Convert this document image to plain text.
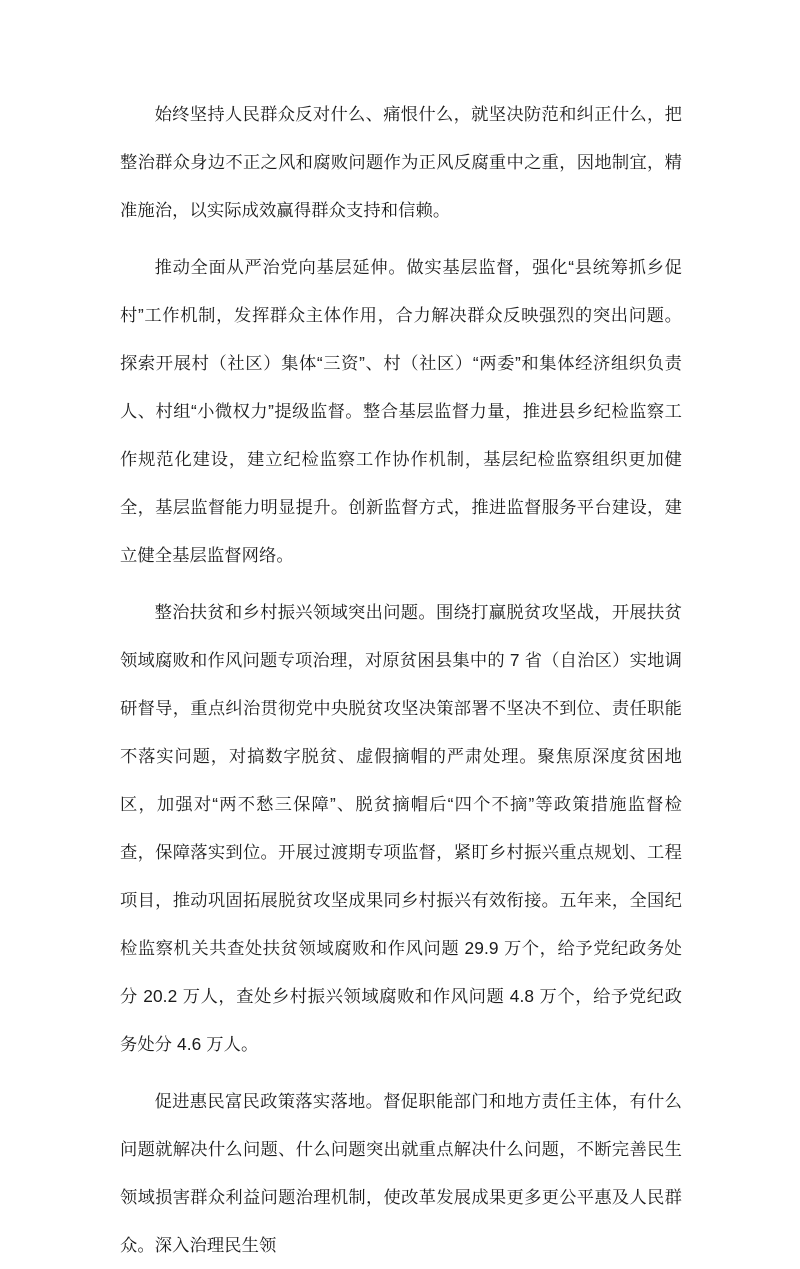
始终坚持人民群众反对什么、痛恨什么，就坚决防范和纠正什么，把整治群众身边不正之风和腐败问题作为正风反腐重中之重，因地制宜，精准施治，以实际成效赢得群众支持和信赖。

推动全面从严治党向基层延伸。做实基层监督，强化“县统筹抓乡促村”工作机制，发挥群众主体作用，合力解决群众反映强烈的突出问题。探索开展村（社区）集体“三资”、村（社区）“两委”和集体经济组织负责人、村组“小微权力”提级监督。整合基层监督力量，推进县乡纪检监察工作规范化建设，建立纪检监察工作协作机制，基层纪检监察组织更加健全，基层监督能力明显提升。创新监督方式，推进监督服务平台建设，建立健全基层监督网络。

整治扶贫和乡村振兴领域突出问题。围绕打赢脱贫攻坚战，开展扶贫领域腐败和作风问题专项治理，对原贫困县集中的 7 省（自治区）实地调研督导，重点纠治贯彻党中央脱贫攻坚决策部署不坚决不到位、责任职能不落实问题，对搞数字脱贫、虚假摘帽的严肃处理。聚焦原深度贫困地区，加强对“两不愁三保障”、脱贫摘帽后“四个不摘”等政策措施监督检查，保障落实到位。开展过渡期专项监督，紧盯乡村振兴重点规划、工程项目，推动巩固拓展脱贫攻坚成果同乡村振兴有效衔接。五年来，全国纪检监察机关共查处扶贫领域腐败和作风问题 29.9 万个，给予党纪政务处分 20.2 万人，查处乡村振兴领域腐败和作风问题 4.8 万个，给予党纪政务处分 4.6 万人。

促进惠民富民政策落实落地。督促职能部门和地方责任主体，有什么问题就解决什么问题、什么问题突出就重点解决什么问题，不断完善民生领域损害群众利益问题治理机制，使改革发展成果更多更公平惠及人民群众。深入治理民生领
